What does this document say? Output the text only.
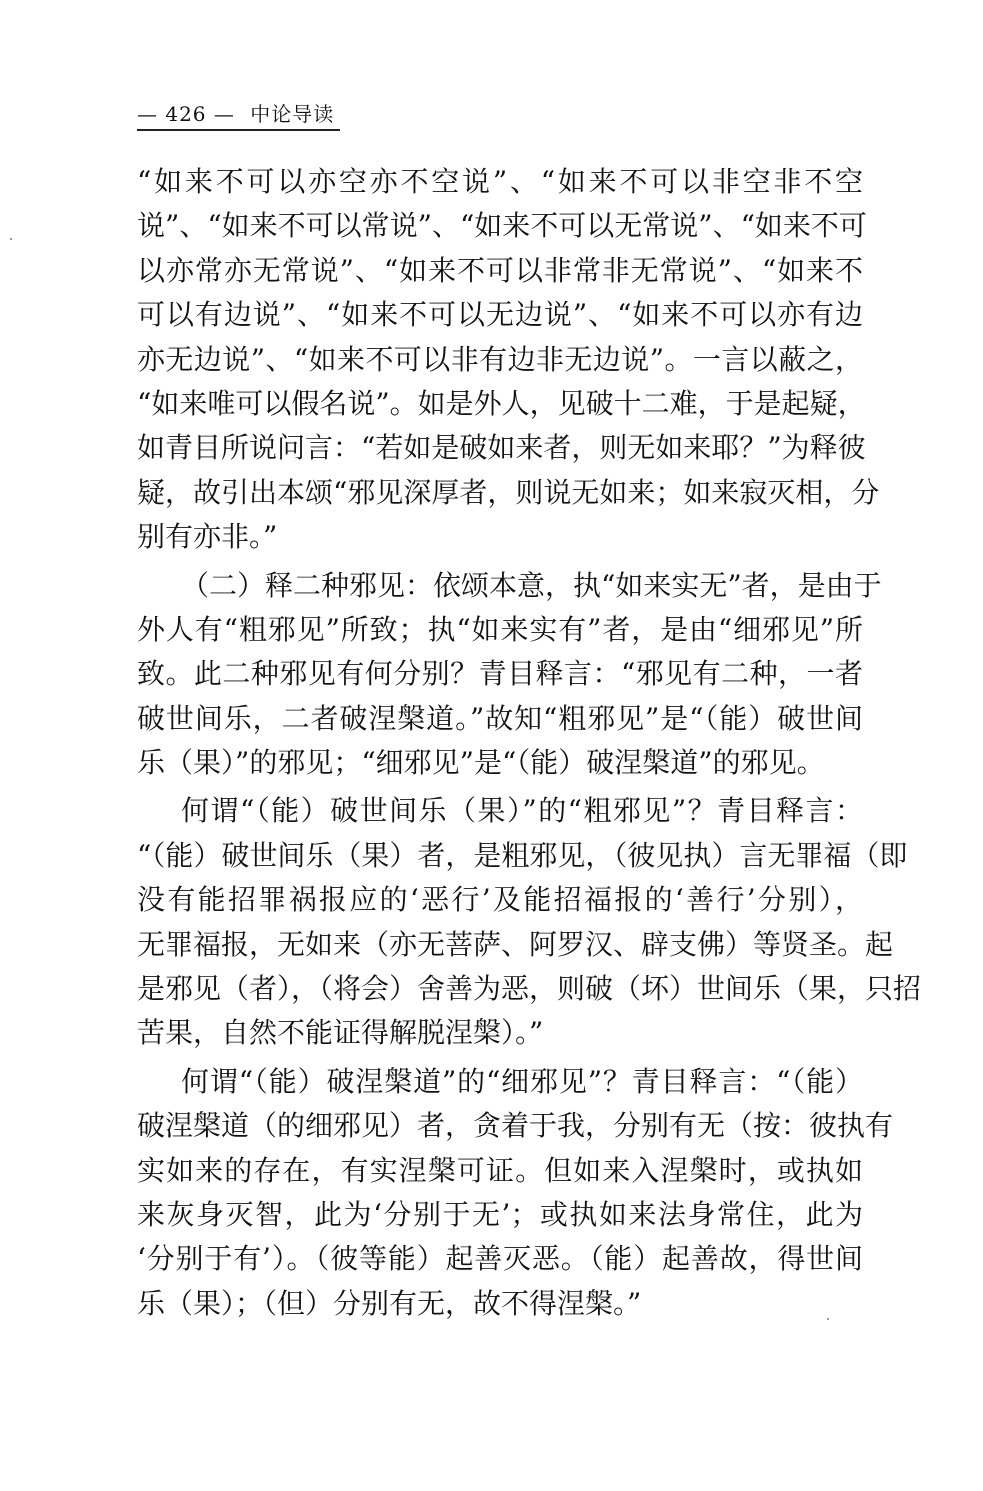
— 426 — 中论导读
“如来不可以亦空亦不空说”、“如来不可以非空非不空
说”、“如来不可以常说”、“如来不可以无常说”、“如来不可
以亦常亦无常说”、“如来不可以非常非无常说”、“如来不
可以有边说”、“如来不可以无边说”、“如来不可以亦有边
亦无边说”、“如来不可以非有边非无边说”。一言以蔽之，
“如来唯可以假名说”。如是外人，见破十二难，于是起疑，
如青目所说问言：“若如是破如来者，则无如来耶？”为释彼
疑，故引出本颂“邪见深厚者，则说无如来；如来寂灭相，分
别有亦非。”
（二）释二种邪见：依颂本意，执“如来实无”者，是由于
外人有“粗邪见”所致；执“如来实有”者，是由“细邪见”所
致。此二种邪见有何分别？青目释言：“邪见有二种，一者
破世间乐，二者破涅槃道。”故知“粗邪见”是“（能）破世间
乐（果）”的邪见；“细邪见”是“（能）破涅槃道”的邪见。
何谓“（能）破世间乐（果）”的“粗邪见”？青目释言：
“（能）破世间乐（果）者，是粗邪见，（彼见执）言无罪福（即
没有能招罪祸报应的‘恶行’及能招福报的‘善行’分别），
无罪福报，无如来（亦无菩萨、阿罗汉、辟支佛）等贤圣。起
是邪见（者），（将会）舍善为恶，则破（坏）世间乐（果，只招
苦果，自然不能证得解脱涅槃）。”
何谓“（能）破涅槃道”的“细邪见”？青目释言：“（能）
破涅槃道（的细邪见）者，贪着于我，分别有无（按：彼执有
实如来的存在，有实涅槃可证。但如来入涅槃时，或执如
来灰身灭智，此为‘分别于无’；或执如来法身常住，此为
‘分别于有’）。（彼等能）起善灭恶。（能）起善故，得世间
乐（果）；（但）分别有无，故不得涅槃。”
